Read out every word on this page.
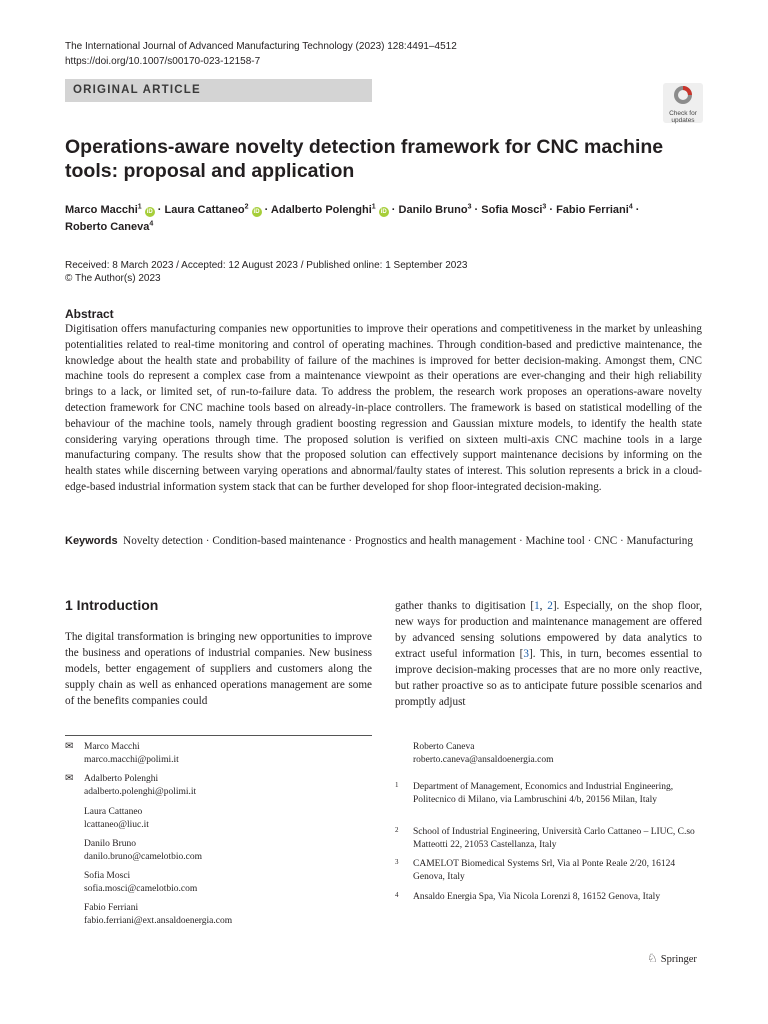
The International Journal of Advanced Manufacturing Technology (2023) 128:4491–4512
https://doi.org/10.1007/s00170-023-12158-7
ORIGINAL ARTICLE
Check for updates
Operations-aware novelty detection framework for CNC machine tools: proposal and application
Marco Macchi$^1$ iD · Laura Cattaneo$^2$ iD · Adalberto Polenghi$^1$ iD · Danilo Bruno$^3$ · Sofia Mosci$^3$ · Fabio Ferriani$^4$ ·
Roberto Caneva$^4$
Received: 8 March 2023 / Accepted: 12 August 2023 / Published online: 1 September 2023
© The Author(s) 2023
Abstract
Digitisation offers manufacturing companies new opportunities to improve their operations and competitiveness in the market by unleashing potentialities related to real-time monitoring and control of operating machines. Through condition-based and predictive maintenance, the knowledge about the health state and probability of failure of the machines is improved for better decision-making. Amongst them, CNC machine tools do represent a complex case from a maintenance viewpoint as their operations are ever-changing and their high reliability brings to a lack, or limited set, of run-to-failure data. To address the problem, the research work proposes an operations-aware novelty detection framework for CNC machine tools based on already-in-place controllers. The framework is based on statistical modelling of the behaviour of the machine tools, namely through gradient boosting regression and Gaussian mixture models, to identify the health state considering varying operations through time. The proposed solution is verified on sixteen multi-axis CNC machine tools in a large manufacturing company. The results show that the proposed solution can effectively support maintenance decisions by informing on the health states while discerning between varying operations and abnormal/faulty states of interest. This solution represents a brick in a cloud-edge-based industrial information system stack that can be further developed for shop floor-integrated decision-making.
Keywords Novelty detection · Condition-based maintenance · Prognostics and health management · Machine tool · CNC · Manufacturing
1 Introduction
The digital transformation is bringing new opportunities to improve the business and operations of industrial companies. New business models, better engagement of suppliers and customers along the supply chain as well as enhanced operations management are some of the benefits companies could
gather thanks to digitisation [1, 2]. Especially, on the shop floor, new ways for production and maintenance management are offered by advanced sensing solutions empowered by data analytics to extract useful information [3]. This, in turn, becomes essential to improve decision-making processes that are no more only reactive, but rather proactive so as to anticipate future possible scenarios and promptly adjust
✉ Marco Macchi
marco.macchi@polimi.it
✉ Adalberto Polenghi
adalberto.polenghi@polimi.it
Laura Cattaneo
lcattaneo@liuc.it
Danilo Bruno
danilo.bruno@camelotbio.com
Sofia Mosci
sofia.mosci@camelotbio.com
Fabio Ferriani
fabio.ferriani@ext.ansaldoenergia.com
Roberto Caneva
roberto.caneva@ansaldoenergia.com
1 Department of Management, Economics and Industrial Engineering, Politecnico di Milano, via Lambruschini 4/b, 20156 Milan, Italy
2 School of Industrial Engineering, Università Carlo Cattaneo – LIUC, C.so Matteotti 22, 21053 Castellanza, Italy
3 CAMELOT Biomedical Systems Srl, Via al Ponte Reale 2/20, 16124 Genova, Italy
4 Ansaldo Energia Spa, Via Nicola Lorenzi 8, 16152 Genova, Italy
♘ Springer
